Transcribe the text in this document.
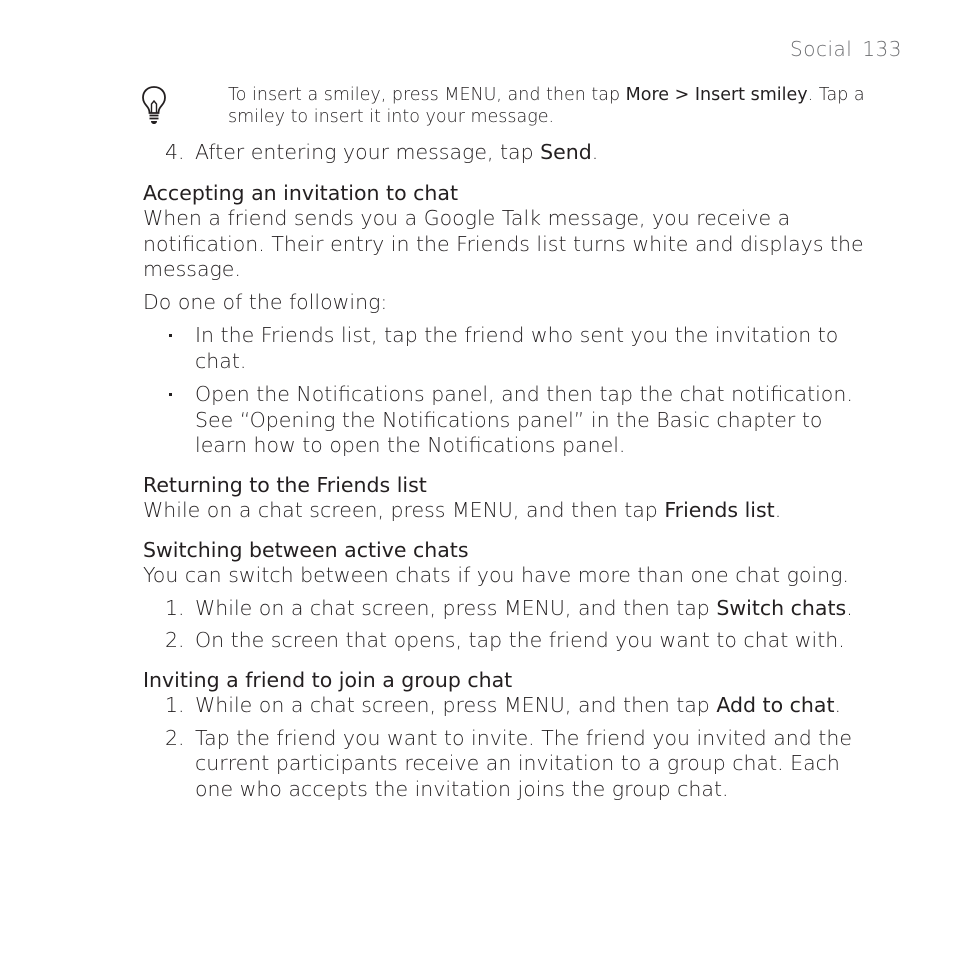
Social 133
To insert a smiley, press MENU, and then tap More > Insert smiley. Tap a smiley to insert it into your message.
4. After entering your message, tap Send.

Accepting an invitation to chat

When a friend sends you a Google Talk message, you receive a notification. Their entry in the Friends list turns white and displays the message.

Do one of the following:

In the Friends list, tap the friend who sent you the invitation to chat.
Open the Notifications panel, and then tap the chat notification. See “Opening the Notifications panel” in the Basic chapter to learn how to open the Notifications panel.

Returning to the Friends list

While on a chat screen, press MENU, and then tap Friends list.

Switching between active chats

You can switch between chats if you have more than one chat going.

1. While on a chat screen, press MENU, and then tap Switch chats.
2. On the screen that opens, tap the friend you want to chat with.

Inviting a friend to join a group chat

1. While on a chat screen, press MENU, and then tap Add to chat.
2. Tap the friend you want to invite. The friend you invited and the current participants receive an invitation to a group chat. Each one who accepts the invitation joins the group chat.
